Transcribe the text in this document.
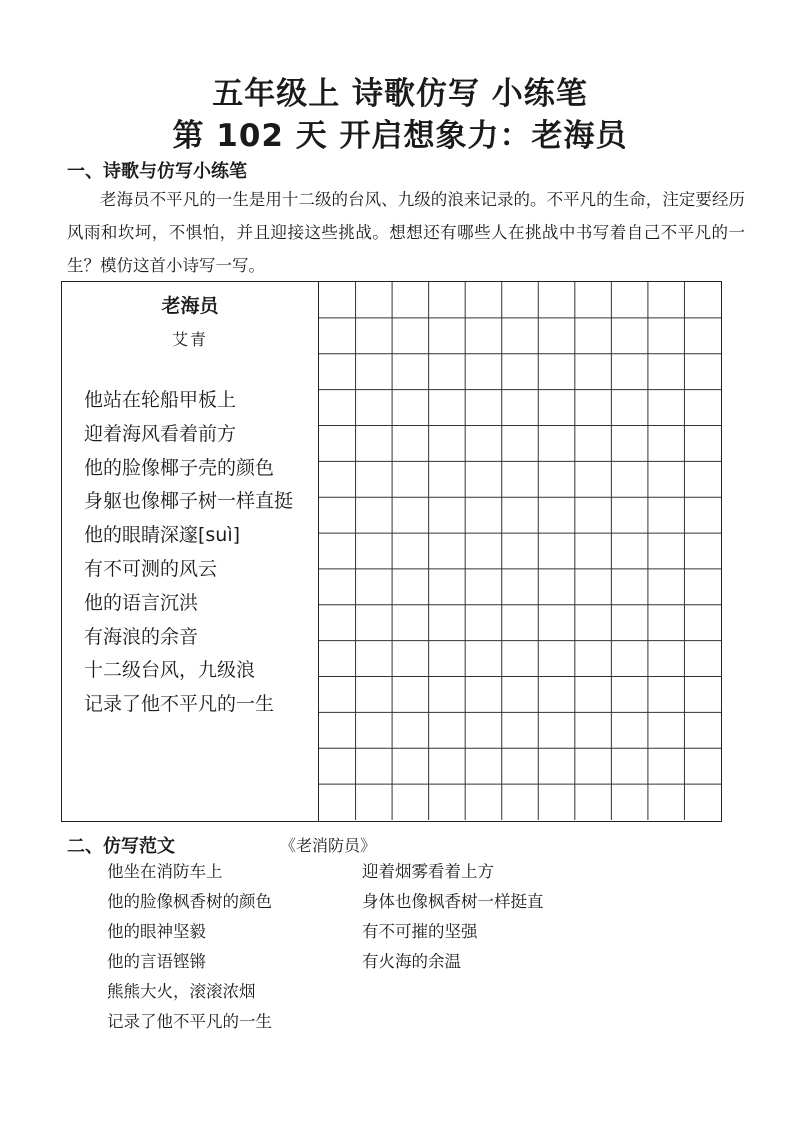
五年级上 诗歌仿写 小练笔
第 102 天 开启想象力：老海员
一、诗歌与仿写小练笔
老海员不平凡的一生是用十二级的台风、九级的浪来记录的。不平凡的生命，注定要经历风雨和坎坷，不惧怕，并且迎接这些挑战。想想还有哪些人在挑战中书写着自己不平凡的一生？模仿这首小诗写一写。
老海员
艾青
他站在轮船甲板上
迎着海风看着前方
他的脸像椰子壳的颜色
身躯也像椰子树一样直挺
他的眼睛深邃[suì]
有不可测的风云
他的语言沉洪
有海浪的余音
十二级台风，九级浪
记录了他不平凡的一生
二、仿写范文	《老消防员》
他坐在消防车上
他的脸像枫香树的颜色
他的眼神坚毅
他的言语铿锵
熊熊大火，滚滚浓烟
记录了他不平凡的一生
迎着烟雾看着上方
身体也像枫香树一样挺直
有不可摧的坚强
有火海的余温
